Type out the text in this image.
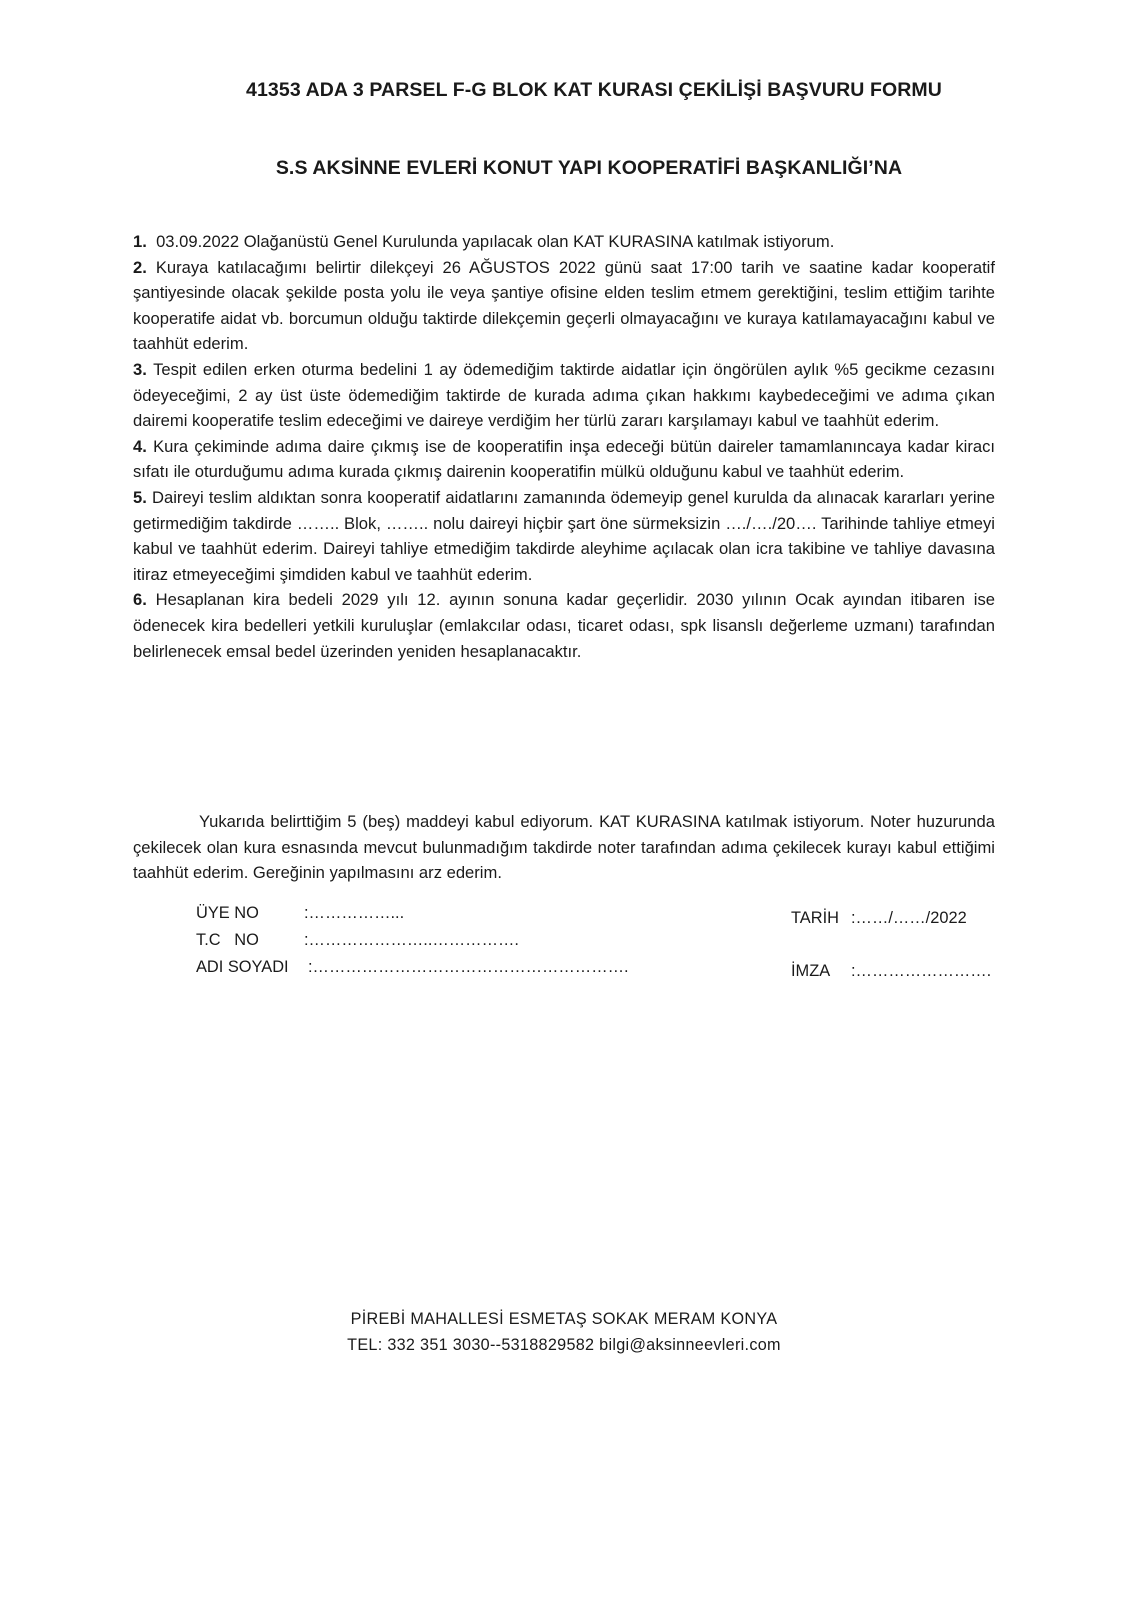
41353 ADA 3 PARSEL F-G BLOK KAT KURASI ÇEKİLİŞİ BAŞVURU FORMU
S.S AKSİNNE EVLERİ KONUT YAPI KOOPERATİFİ BAŞKANLIĞI’NA
1. 03.09.2022 Olağanüstü Genel Kurulunda yapılacak olan KAT KURASINA katılmak istiyorum.
2. Kuraya katılacağımı belirtir dilekçeyi 26 AĞUSTOS 2022 günü saat 17:00 tarih ve saatine kadar kooperatif şantiyesinde olacak şekilde posta yolu ile veya şantiye ofisine elden teslim etmem gerektiğini, teslim ettiğim tarihte kooperatife aidat vb. borcumun olduğu taktirde dilekçemin geçerli olmayacağını ve kuraya katılamayacağını kabul ve taahhüt ederim.
3. Tespit edilen erken oturma bedelini 1 ay ödemediğim taktirde aidatlar için öngörülen aylık %5 gecikme cezasını ödeyeceğimi, 2 ay üst üste ödemediğim taktirde de kurada adıma çıkan hakkımı kaybedeceğimi ve adıma çıkan dairemi kooperatife teslim edeceğimi ve daireye verdiğim her türlü zararı karşılamayı kabul ve taahhüt ederim.
4. Kura çekiminde adıma daire çıkmış ise de kooperatifin inşa edeceği bütün daireler tamamlanıncaya kadar kiracı sıfatı ile oturduğumu adıma kurada çıkmış dairenin kooperatifin mülkü olduğunu kabul ve taahhüt ederim.
5. Daireyi teslim aldıktan sonra kooperatif aidatlarını zamanında ödemeyip genel kurulda da alınacak kararları yerine getirmediğim takdirde …….. Blok, …….. nolu daireyi hiçbir şart öne sürmeksizin …./…./20…. Tarihinde tahliye etmeyi kabul ve taahhüt ederim. Daireyi tahliye etmediğim takdirde aleyhime açılacak olan icra takibine ve tahliye davasına itiraz etmeyeceğimi şimdiden kabul ve taahhüt ederim.
6. Hesaplanan kira bedeli 2029 yılı 12. ayının sonuna kadar geçerlidir. 2030 yılının Ocak ayından itibaren ise ödenecek kira bedelleri yetkili kuruluşlar (emlakcılar odası, ticaret odası, spk lisanslı değerleme uzmanı) tarafından belirlenecek emsal bedel üzerinden yeniden hesaplanacaktır.
Yukarıda belirttiğim 5 (beş) maddeyi kabul ediyorum. KAT KURASINA katılmak istiyorum. Noter huzurunda çekilecek olan kura esnasında mevcut bulunmadığım takdirde noter tarafından adıma çekilecek kurayı kabul ettiğimi taahhüt ederim. Gereğinin yapılmasını arz ederim.
ÜYE NO	:……………...
T.C   NO	:…………………..…………….
ADI SOYADI :………………………………………………….
TARİH :……/……/2022
İMZA :…………………….
PİREBİ MAHALLESİ ESMETAŞ SOKAK MERAM KONYA
TEL: 332 351 3030--5318829582 bilgi@aksinneevleri.com
